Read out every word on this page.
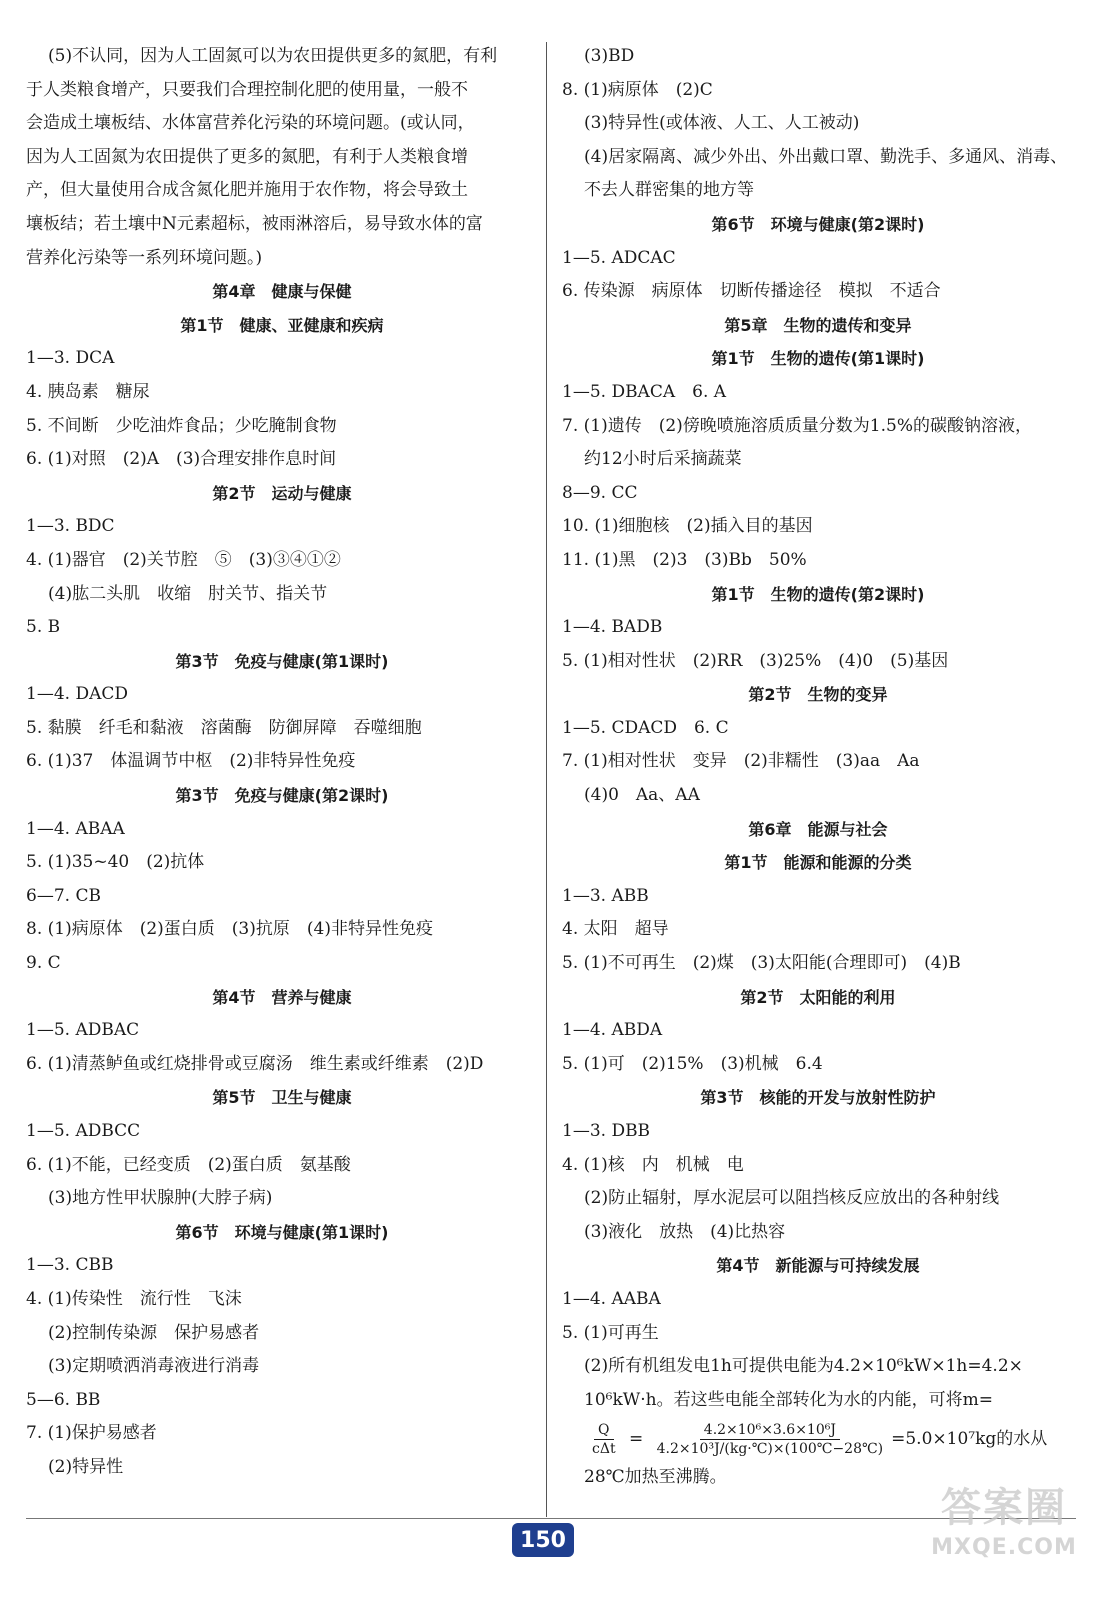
(5)不认同，因为人工固氮可以为农田提供更多的氮肥，有利
于人类粮食增产，只要我们合理控制化肥的使用量，一般不
会造成土壤板结、水体富营养化污染的环境问题。(或认同，
因为人工固氮为农田提供了更多的氮肥，有利于人类粮食增
产，但大量使用合成含氮化肥并施用于农作物，将会导致土
壤板结；若土壤中N元素超标，被雨淋溶后，易导致水体的富
营养化污染等一系列环境问题。)
第4章　健康与保健
第1节　健康、亚健康和疾病
1—3. DCA
4. 胰岛素　糖尿
5. 不间断　少吃油炸食品；少吃腌制食物
6. (1)对照　(2)A　(3)合理安排作息时间
第2节　运动与健康
1—3. BDC
4. (1)器官　(2)关节腔　⑤　(3)③④①②
(4)肱二头肌　收缩　肘关节、指关节
5. B
第3节　免疫与健康(第1课时)
1—4. DACD
5. 黏膜　纤毛和黏液　溶菌酶　防御屏障　吞噬细胞
6. (1)37　体温调节中枢　(2)非特异性免疫
第3节　免疫与健康(第2课时)
1—4. ABAA
5. (1)35~40　(2)抗体
6—7. CB
8. (1)病原体　(2)蛋白质　(3)抗原　(4)非特异性免疫
9. C
第4节　营养与健康
1—5. ADBAC
6. (1)清蒸鲈鱼或红烧排骨或豆腐汤　维生素或纤维素　(2)D
第5节　卫生与健康
1—5. ADBCC
6. (1)不能，已经变质　(2)蛋白质　氨基酸
(3)地方性甲状腺肿(大脖子病)
第6节　环境与健康(第1课时)
1—3. CBB
4. (1)传染性　流行性　飞沫
(2)控制传染源　保护易感者
(3)定期喷洒消毒液进行消毒
5—6. BB
7. (1)保护易感者
(2)特异性
(3)BD
8. (1)病原体　(2)C
(3)特异性(或体液、人工、人工被动)
(4)居家隔离、减少外出、外出戴口罩、勤洗手、多通风、消毒、
不去人群密集的地方等
第6节　环境与健康(第2课时)
1—5. ADCAC
6. 传染源　病原体　切断传播途径　模拟　不适合
第5章　生物的遗传和变异
第1节　生物的遗传(第1课时)
1—5. DBACA　6. A
7. (1)遗传　(2)傍晚喷施溶质质量分数为1.5%的碳酸钠溶液，
约12小时后采摘蔬菜
8—9. CC
10. (1)细胞核　(2)插入目的基因
11. (1)黑　(2)3　(3)Bb　50%
第1节　生物的遗传(第2课时)
1—4. BADB
5. (1)相对性状　(2)RR　(3)25%　(4)0　(5)基因
第2节　生物的变异
1—5. CDACD　6. C
7. (1)相对性状　变异　(2)非糯性　(3)aa　Aa
(4)0　Aa、AA
第6章　能源与社会
第1节　能源和能源的分类
1—3. ABB
4. 太阳　超导
5. (1)不可再生　(2)煤　(3)太阳能(合理即可)　(4)B
第2节　太阳能的利用
1—4. ABDA
5. (1)可　(2)15%　(3)机械　6.4
第3节　核能的开发与放射性防护
1—3. DBB
4. (1)核　内　机械　电
(2)防止辐射，厚水泥层可以阻挡核反应放出的各种射线
(3)液化　放热　(4)比热容
第4节　新能源与可持续发展
1—4. AABA
5. (1)可再生
(2)所有机组发电1h可提供电能为4.2×10⁶kW×1h=4.2×
10⁶kW·h。若这些电能全部转化为水的内能，可将m=
$\frac{Q}{\text{cΔt}} = \frac{\text{4.2×10⁶×3.6×10⁶J}}{\text{4.2×10³J/(kg·℃)×(100℃−28℃)}} =5.0\times 10^7kg$的水从
28℃加热至沸腾。
150
答案圈
MXQE.COM
